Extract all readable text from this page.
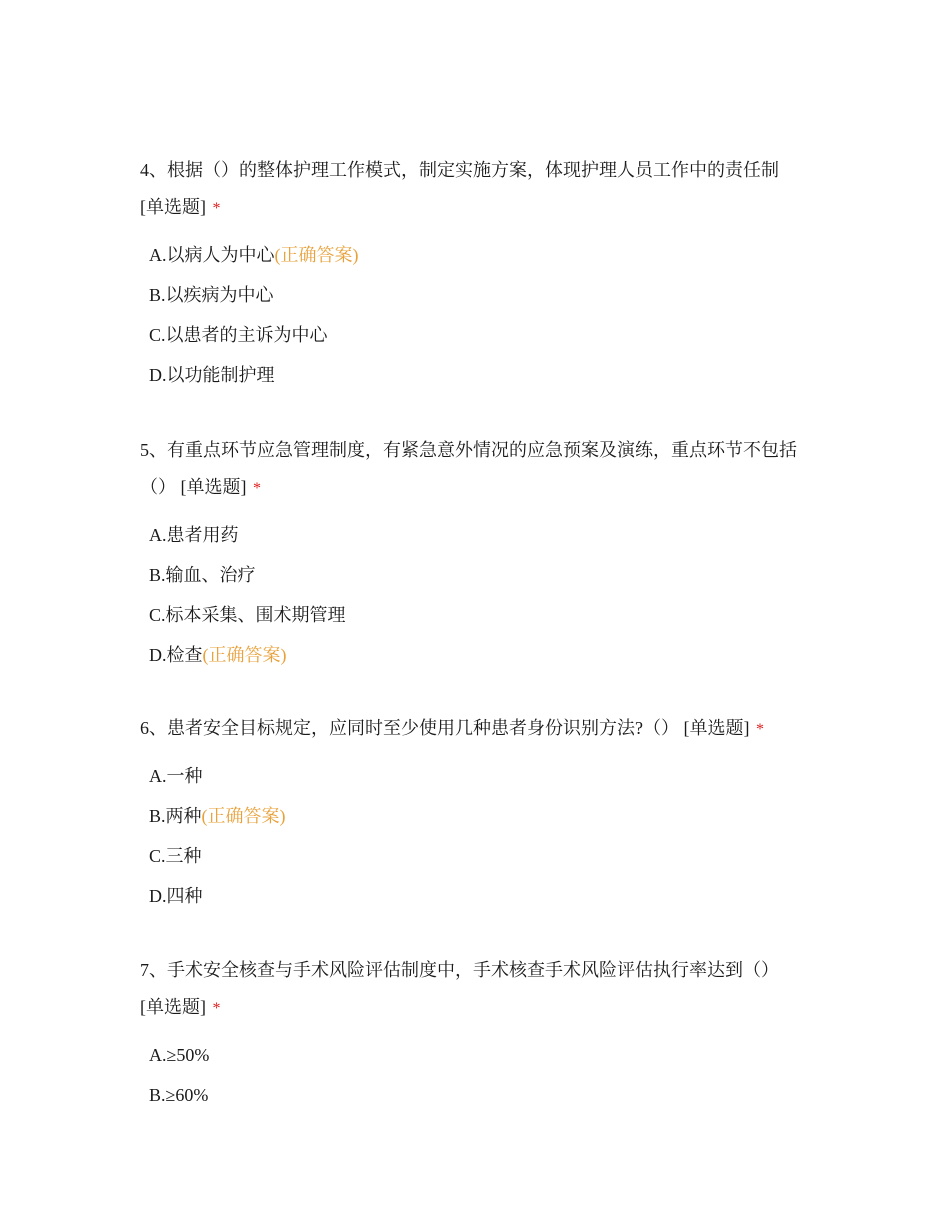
4、根据（）的整体护理工作模式，制定实施方案，体现护理人员工作中的责任制
[单选题] *

A.以病人为中心(正确答案)
B.以疾病为中心
C.以患者的主诉为中心
D.以功能制护理

5、有重点环节应急管理制度，有紧急意外情况的应急预案及演练，重点环节不包括（） [单选题] *

A.患者用药
B.输血、治疗
C.标本采集、围术期管理
D.检查(正确答案)

6、患者安全目标规定，应同时至少使用几种患者身份识别方法?（） [单选题] *

A.一种
B.两种(正确答案)
C.三种
D.四种

7、手术安全核查与手术风险评估制度中，手术核查手术风险评估执行率达到（）
[单选题] *

A.≥50%
B.≥60%
